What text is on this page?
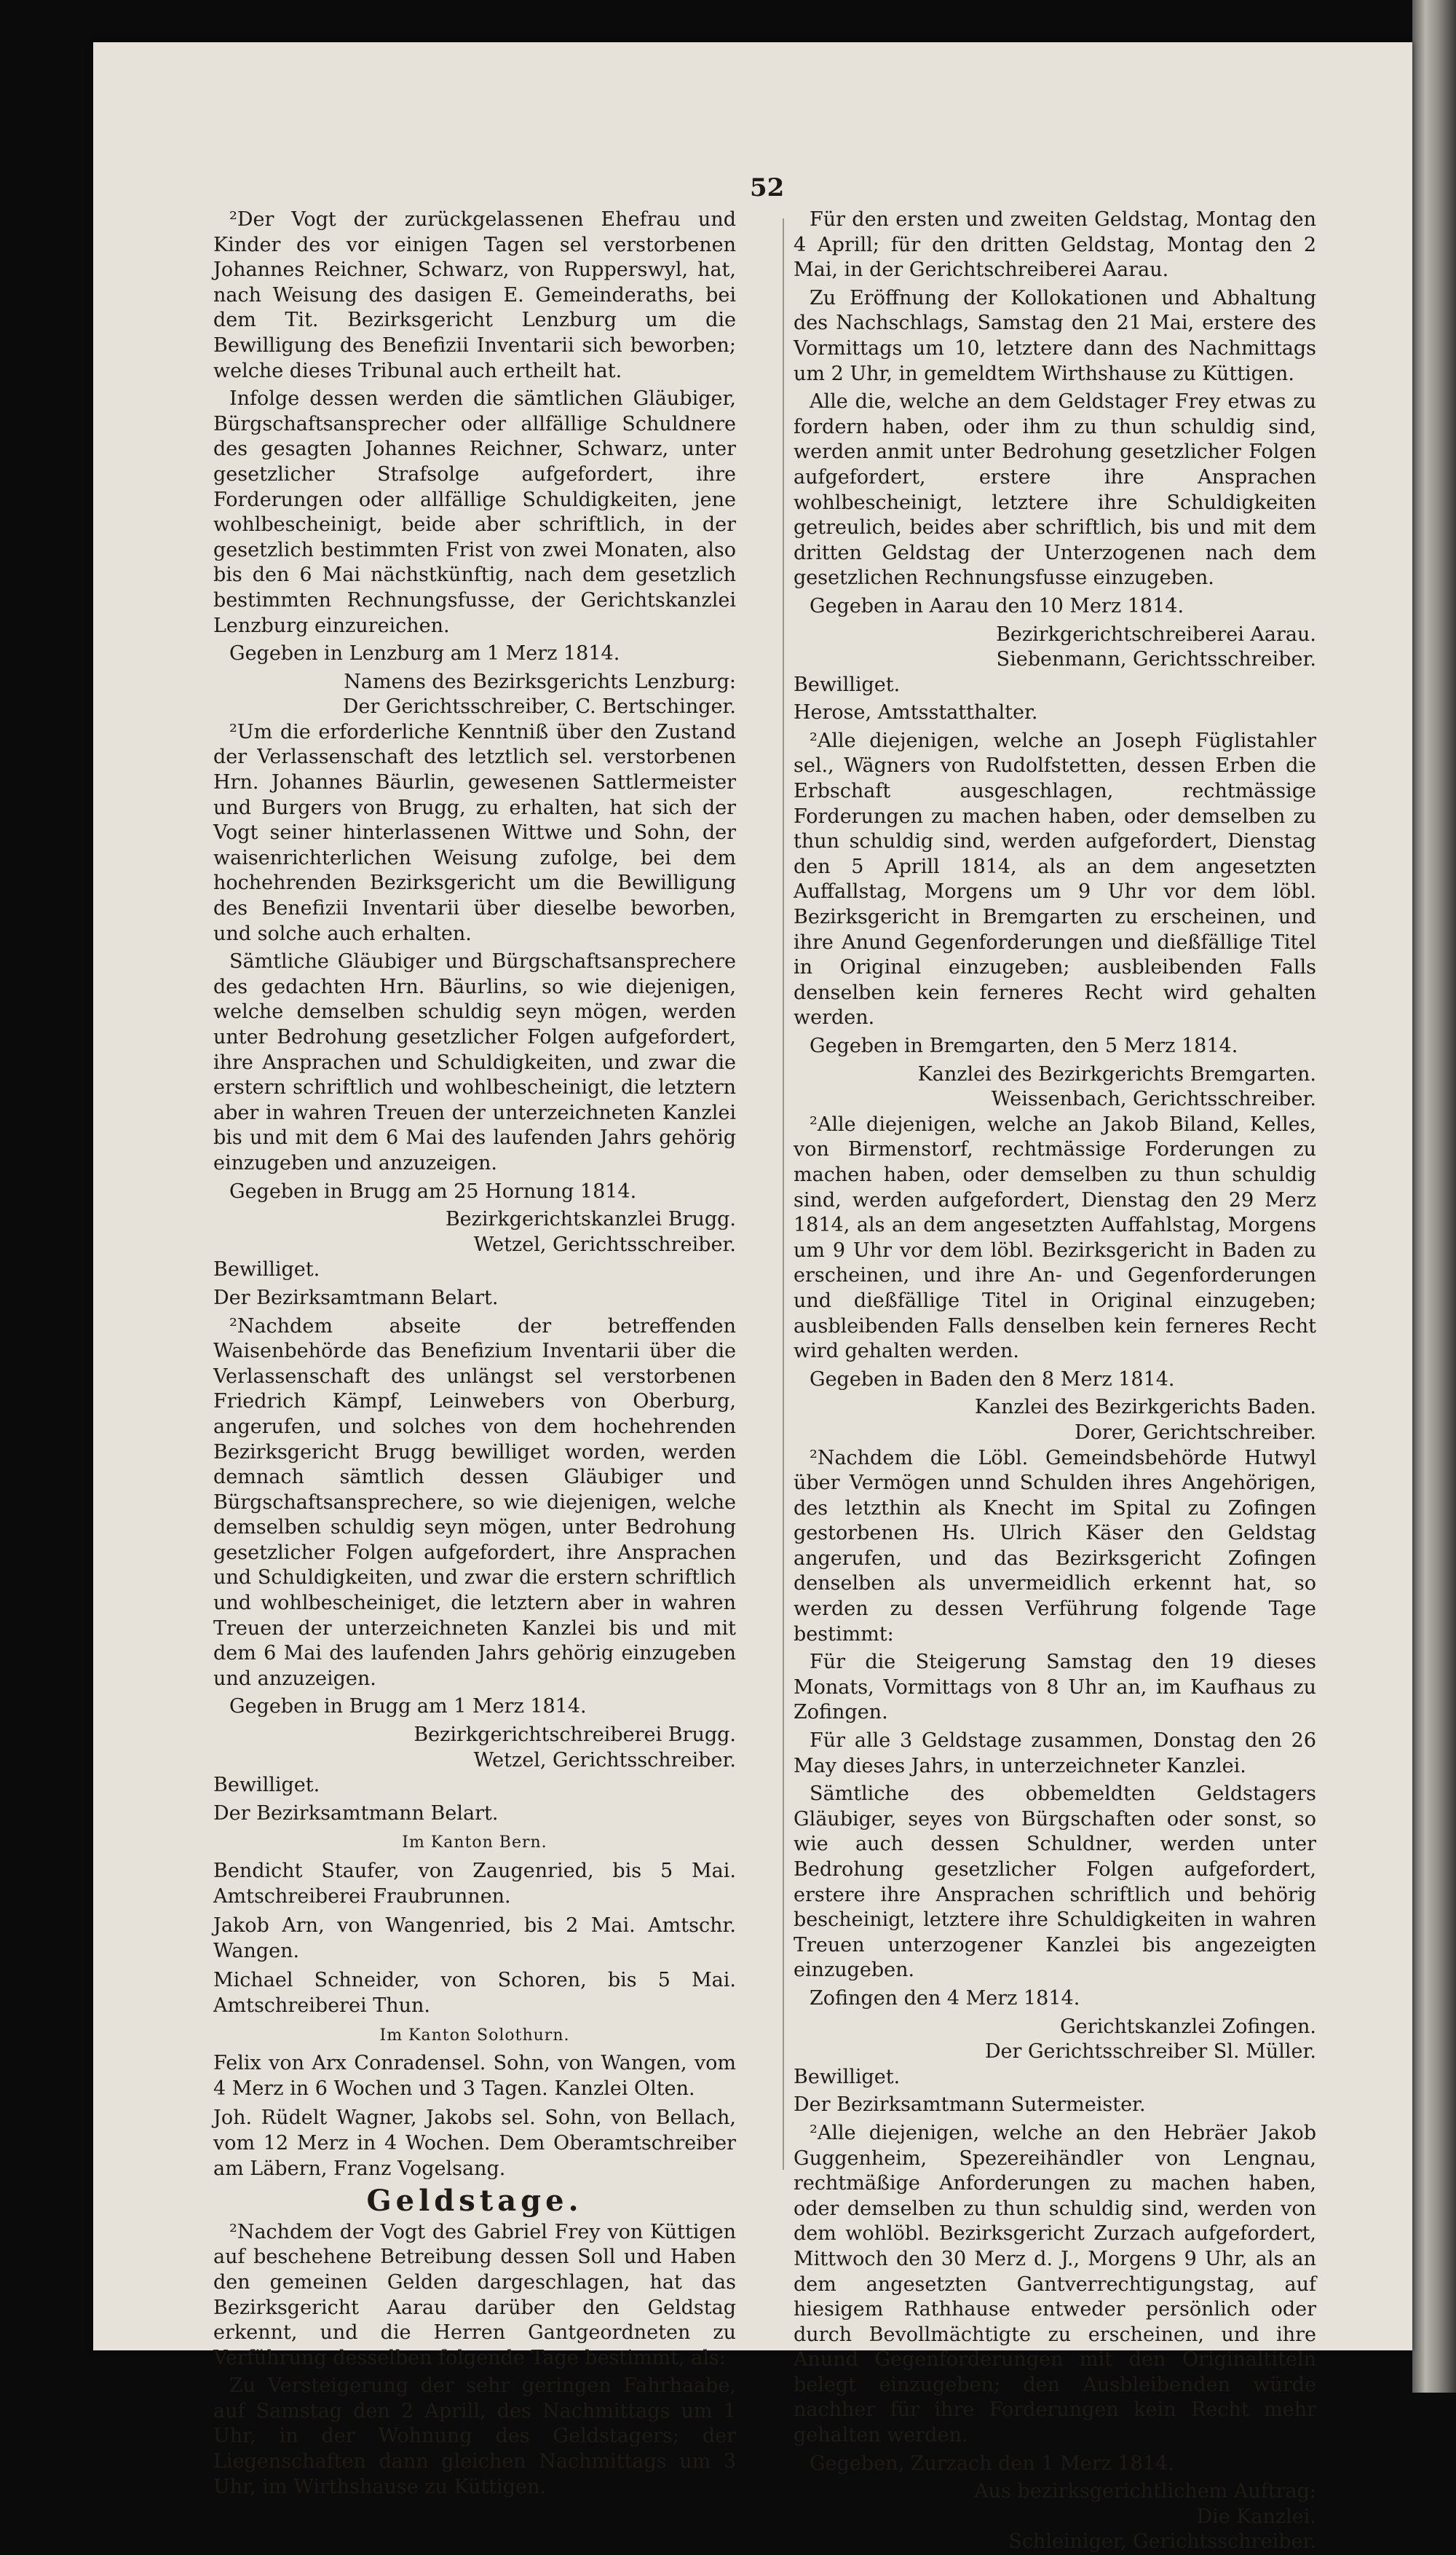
52

²Der Vogt der zurückgelassenen Ehefrau und Kinder des vor einigen Tagen sel verstorbenen Johannes Reichner, Schwarz, von Rupperswyl, hat, nach Weisung des dasigen E. Gemeinderaths, bei dem Tit. Bezirksgericht Lenzburg um die Bewilligung des Benefizii Inventarii sich beworben; welche dieses Tribunal auch ertheilt hat.

Infolge dessen werden die sämtlichen Gläubiger, Bürgschaftsansprecher oder allfällige Schuldnere des gesagten Johannes Reichner, Schwarz, unter gesetzlicher Strafsolge aufgefordert, ihre Forderungen oder allfällige Schuldigkeiten, jene wohlbescheinigt, beide aber schriftlich, in der gesetzlich bestimmten Frist von zwei Monaten, also bis den 6 Mai nächstkünftig, nach dem gesetzlich bestimmten Rechnungsfusse, der Gerichtskanzlei Lenzburg einzureichen.

Gegeben in Lenzburg am 1 Merz 1814.

Namens des Bezirksgerichts Lenzburg:

Der Gerichtsschreiber, C. Bertschinger.

²Um die erforderliche Kenntniß über den Zustand der Verlassenschaft des letztlich sel. verstorbenen Hrn. Johannes Bäurlin, gewesenen Sattlermeister und Burgers von Brugg, zu erhalten, hat sich der Vogt seiner hinterlassenen Wittwe und Sohn, der waisenrichterlichen Weisung zufolge, bei dem hochehrenden Bezirksgericht um die Bewilligung des Benefizii Inventarii über dieselbe beworben, und solche auch erhalten.

Sämtliche Gläubiger und Bürgschaftsansprechere des gedachten Hrn. Bäurlins, so wie diejenigen, welche demselben schuldig seyn mögen, werden unter Bedrohung gesetzlicher Folgen aufgefordert, ihre Ansprachen und Schuldigkeiten, und zwar die erstern schriftlich und wohlbescheinigt, die letztern aber in wahren Treuen der unterzeichneten Kanzlei bis und mit dem 6 Mai des laufenden Jahrs gehörig einzugeben und anzuzeigen.

Gegeben in Brugg am 25 Hornung 1814.

Bezirkgerichtskanzlei Brugg.

Wetzel, Gerichtsschreiber.

Bewilliget.

Der Bezirksamtmann Belart.

²Nachdem abseite der betreffenden Waisenbehörde das Benefizium Inventarii über die Verlassenschaft des unlängst sel verstorbenen Friedrich Kämpf, Leinwebers von Oberburg, angerufen, und solches von dem hochehrenden Bezirksgericht Brugg bewilliget worden, werden demnach sämtlich dessen Gläubiger und Bürgschaftsansprechere, so wie diejenigen, welche demselben schuldig seyn mögen, unter Bedrohung gesetzlicher Folgen aufgefordert, ihre Ansprachen und Schuldigkeiten, und zwar die erstern schriftlich und wohlbescheiniget, die letztern aber in wahren Treuen der unterzeichneten Kanzlei bis und mit dem 6 Mai des laufenden Jahrs gehörig einzugeben und anzuzeigen.

Gegeben in Brugg am 1 Merz 1814.

Bezirkgerichtschreiberei Brugg.

Wetzel, Gerichtsschreiber.

Bewilliget.

Der Bezirksamtmann Belart.

Im Kanton Bern.

Bendicht Staufer, von Zaugenried, bis 5 Mai. Amtschreiberei Fraubrunnen.

Jakob Arn, von Wangenried, bis 2 Mai. Amtschr. Wangen.

Michael Schneider, von Schoren, bis 5 Mai. Amtschreiberei Thun.

Im Kanton Solothurn.

Felix von Arx Conradensel. Sohn, von Wangen, vom 4 Merz in 6 Wochen und 3 Tagen. Kanzlei Olten.

Joh. Rüdelt Wagner, Jakobs sel. Sohn, von Bellach, vom 12 Merz in 4 Wochen. Dem Oberamtschreiber am Läbern, Franz Vogelsang.

Geldstage.

²Nachdem der Vogt des Gabriel Frey von Küttigen auf beschehene Betreibung dessen Soll und Haben den gemeinen Gelden dargeschlagen, hat das Bezirksgericht Aarau darüber den Geldstag erkennt, und die Herren Gantgeordneten zu Verführung desselben folgende Tage bestimmt, als:

Zu Versteigerung der sehr geringen Fahrhaabe, auf Samstag den 2 Aprill, des Nachmittags um 1 Uhr, in der Wohnung des Geldstagers; der Liegenschaften dann gleichen Nachmittags um 3 Uhr, im Wirthshause zu Küttigen.

Für den ersten und zweiten Geldstag, Montag den 4 Aprill; für den dritten Geldstag, Montag den 2 Mai, in der Gerichtschreiberei Aarau.

Zu Eröffnung der Kollokationen und Abhaltung des Nachschlags, Samstag den 21 Mai, erstere des Vormittags um 10, letztere dann des Nachmittags um 2 Uhr, in gemeldtem Wirthshause zu Küttigen.

Alle die, welche an dem Geldstager Frey etwas zu fordern haben, oder ihm zu thun schuldig sind, werden anmit unter Bedrohung gesetzlicher Folgen aufgefordert, erstere ihre Ansprachen wohlbescheinigt, letztere ihre Schuldigkeiten getreulich, beides aber schriftlich, bis und mit dem dritten Geldstag der Unterzogenen nach dem gesetzlichen Rechnungsfusse einzugeben.

Gegeben in Aarau den 10 Merz 1814.

Bezirkgerichtschreiberei Aarau.

Siebenmann, Gerichtsschreiber.

Bewilliget.

Herose, Amtsstatthalter.

²Alle diejenigen, welche an Joseph Füglistahler sel., Wägners von Rudolfstetten, dessen Erben die Erbschaft ausgeschlagen, rechtmässige Forderungen zu machen haben, oder demselben zu thun schuldig sind, werden aufgefordert, Dienstag den 5 Aprill 1814, als an dem angesetzten Auffallstag, Morgens um 9 Uhr vor dem löbl. Bezirksgericht in Bremgarten zu erscheinen, und ihre Anund Gegenforderungen und dießfällige Titel in Original einzugeben; ausbleibenden Falls denselben kein ferneres Recht wird gehalten werden.

Gegeben in Bremgarten, den 5 Merz 1814.

Kanzlei des Bezirkgerichts Bremgarten.

Weissenbach, Gerichtsschreiber.

²Alle diejenigen, welche an Jakob Biland, Kelles, von Birmenstorf, rechtmässige Forderungen zu machen haben, oder demselben zu thun schuldig sind, werden aufgefordert, Dienstag den 29 Merz 1814, als an dem angesetzten Auffahlstag, Morgens um 9 Uhr vor dem löbl. Bezirksgericht in Baden zu erscheinen, und ihre An- und Gegenforderungen und dießfällige Titel in Original einzugeben; ausbleibenden Falls denselben kein ferneres Recht wird gehalten werden.

Gegeben in Baden den 8 Merz 1814.

Kanzlei des Bezirkgerichts Baden.

Dorer, Gerichtschreiber.

²Nachdem die Löbl. Gemeindsbehörde Hutwyl über Vermögen unnd Schulden ihres Angehörigen, des letzthin als Knecht im Spital zu Zofingen gestorbenen Hs. Ulrich Käser den Geldstag angerufen, und das Bezirksgericht Zofingen denselben als unvermeidlich erkennt hat, so werden zu dessen Verführung folgende Tage bestimmt:

Für die Steigerung Samstag den 19 dieses Monats, Vormittags von 8 Uhr an, im Kaufhaus zu Zofingen.

Für alle 3 Geldstage zusammen, Donstag den 26 May dieses Jahrs, in unterzeichneter Kanzlei.

Sämtliche des obbemeldten Geldstagers Gläubiger, seyes von Bürgschaften oder sonst, so wie auch dessen Schuldner, werden unter Bedrohung gesetzlicher Folgen aufgefordert, erstere ihre Ansprachen schriftlich und behörig bescheinigt, letztere ihre Schuldigkeiten in wahren Treuen unterzogener Kanzlei bis angezeigten einzugeben.

Zofingen den 4 Merz 1814.

Gerichtskanzlei Zofingen.

Der Gerichtsschreiber Sl. Müller.

Bewilliget.

Der Bezirksamtmann Sutermeister.

²Alle diejenigen, welche an den Hebräer Jakob Guggenheim, Spezereihändler von Lengnau, rechtmäßige Anforderungen zu machen haben, oder demselben zu thun schuldig sind, werden von dem wohlöbl. Bezirksgericht Zurzach aufgefordert, Mittwoch den 30 Merz d. J., Morgens 9 Uhr, als an dem angesetzten Gantverrechtigungstag, auf hiesigem Rathhause entweder persönlich oder durch Bevollmächtigte zu erscheinen, und ihre Anund Gegenforderungen mit den Originaltiteln belegt einzugeben; den Ausbleibenden würde nachher für ihre Forderungen kein Recht mehr gehalten werden.

Gegeben, Zurzach den 1 Merz 1814.

Aus bezirksgerichtlichem Auftrag:

Die Kanzlei.

Schleiniger, Gerichtsschreiber.
